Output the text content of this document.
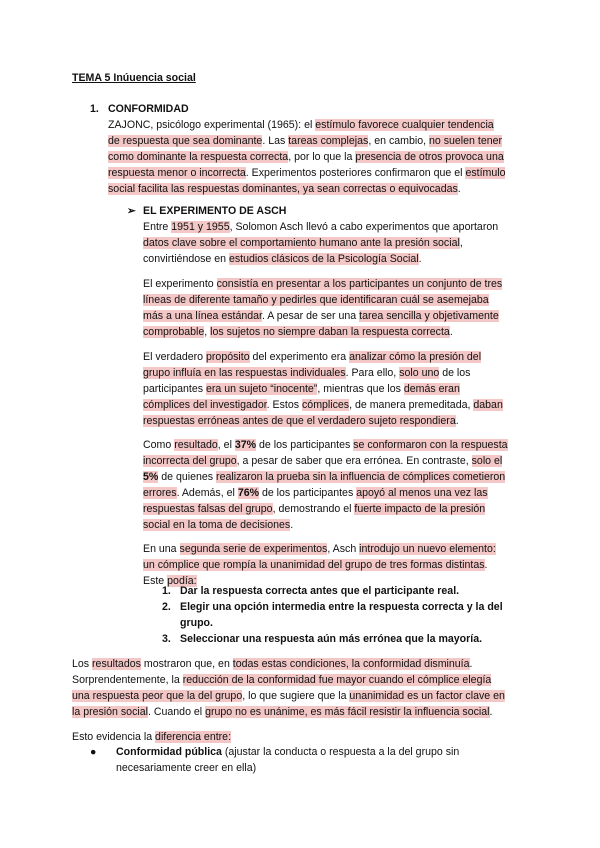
TEMA 5 Inúuencia social
1. CONFORMIDAD
ZAJONC, psicólogo experimental (1965): el estímulo favorece cualquier tendencia
de respuesta que sea dominante. Las tareas complejas, en cambio, no suelen tener
como dominante la respuesta correcta, por lo que la presencia de otros provoca una
respuesta menor o incorrecta. Experimentos posteriores confirmaron que el estímulo
social facilita las respuestas dominantes, ya sean correctas o equivocadas.
➢ EL EXPERIMENTO DE ASCH
Entre 1951 y 1955, Solomon Asch llevó a cabo experimentos que aportaron
datos clave sobre el comportamiento humano ante la presión social,
convirtiéndose en estudios clásicos de la Psicología Social.
El experimento consistía en presentar a los participantes un conjunto de tres
líneas de diferente tamaño y pedirles que identificaran cuál se asemejaba
más a una línea estándar. A pesar de ser una tarea sencilla y objetivamente
comprobable, los sujetos no siempre daban la respuesta correcta.
El verdadero propósito del experimento era analizar cómo la presión del
grupo influía en las respuestas individuales. Para ello, solo uno de los
participantes era un sujeto “inocente”, mientras que los demás eran
cómplices del investigador. Estos cómplices, de manera premeditada, daban
respuestas erróneas antes de que el verdadero sujeto respondiera.
Como resultado, el 37% de los participantes se conformaron con la respuesta
incorrecta del grupo, a pesar de saber que era errónea. En contraste, solo el
5% de quienes realizaron la prueba sin la influencia de cómplices cometieron
errores. Además, el 76% de los participantes apoyó al menos una vez las
respuestas falsas del grupo, demostrando el fuerte impacto de la presión
social en la toma de decisiones.
En una segunda serie de experimentos, Asch introdujo un nuevo elemento:
un cómplice que rompía la unanimidad del grupo de tres formas distintas.
Este podía:
1. Dar la respuesta correcta antes que el participante real.
2. Elegir una opción intermedia entre la respuesta correcta y la del
grupo.
3. Seleccionar una respuesta aún más errónea que la mayoría.
Los resultados mostraron que, en todas estas condiciones, la conformidad disminuía.
Sorprendentemente, la reducción de la conformidad fue mayor cuando el cómplice elegía
una respuesta peor que la del grupo, lo que sugiere que la unanimidad es un factor clave en
la presión social. Cuando el grupo no es unánime, es más fácil resistir la influencia social.
Esto evidencia la diferencia entre:
● Conformidad pública (ajustar la conducta o respuesta a la del grupo sin
necesariamente creer en ella)
